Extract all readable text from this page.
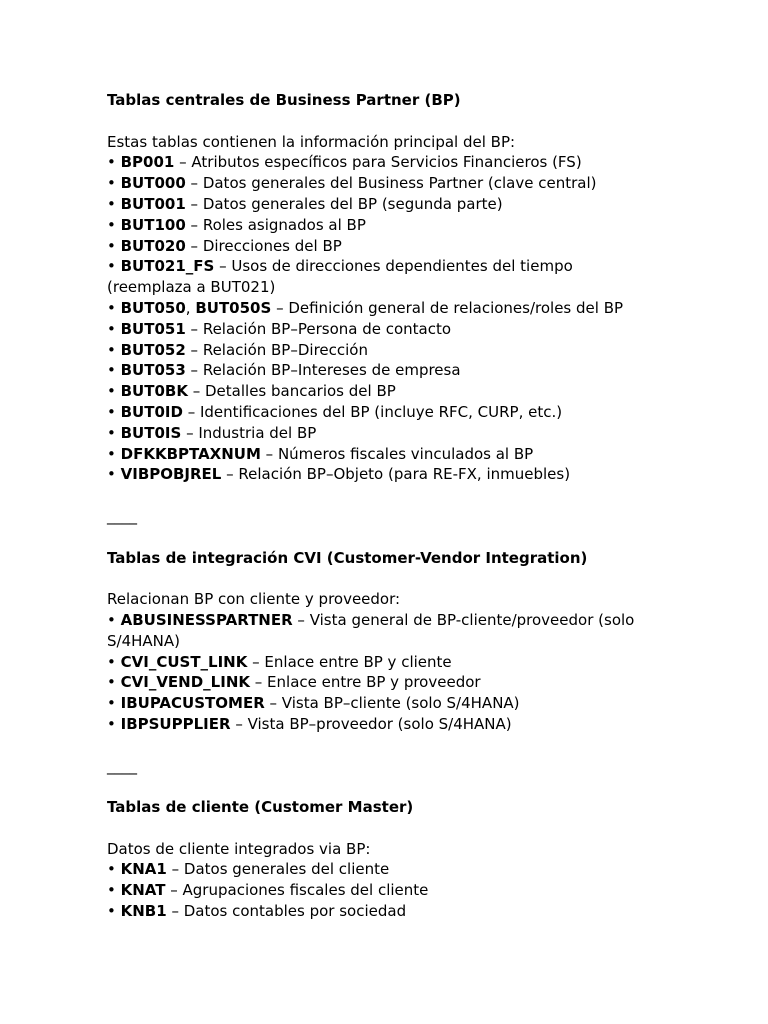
Tablas centrales de Business Partner (BP)

Estas tablas contienen la información principal del BP:

• BP001 – Atributos específicos para Servicios Financieros (FS)

• BUT000 – Datos generales del Business Partner (clave central)

• BUT001 – Datos generales del BP (segunda parte)

• BUT100 – Roles asignados al BP

• BUT020 – Direcciones del BP

• BUT021_FS – Usos de direcciones dependientes del tiempo (reemplaza a BUT021)

• BUT050, BUT050S – Definición general de relaciones/roles del BP

• BUT051 – Relación BP–Persona de contacto

• BUT052 – Relación BP–Dirección

• BUT053 – Relación BP–Intereses de empresa

• BUT0BK – Detalles bancarios del BP

• BUT0ID – Identificaciones del BP (incluye RFC, CURP, etc.)

• BUT0IS – Industria del BP

• DFKKBPTAXNUM – Números fiscales vinculados al BP

• VIBPOBJREL – Relación BP–Objeto (para RE-FX, inmuebles)

____

Tablas de integración CVI (Customer-Vendor Integration)

Relacionan BP con cliente y proveedor:

• ABUSINESSPARTNER – Vista general de BP-cliente/proveedor (solo S/4HANA)

• CVI_CUST_LINK – Enlace entre BP y cliente

• CVI_VEND_LINK – Enlace entre BP y proveedor

• IBUPACUSTOMER – Vista BP–cliente (solo S/4HANA)

• IBPSUPPLIER – Vista BP–proveedor (solo S/4HANA)

____

Tablas de cliente (Customer Master)

Datos de cliente integrados via BP:

• KNA1 – Datos generales del cliente

• KNAT – Agrupaciones fiscales del cliente

• KNB1 – Datos contables por sociedad
